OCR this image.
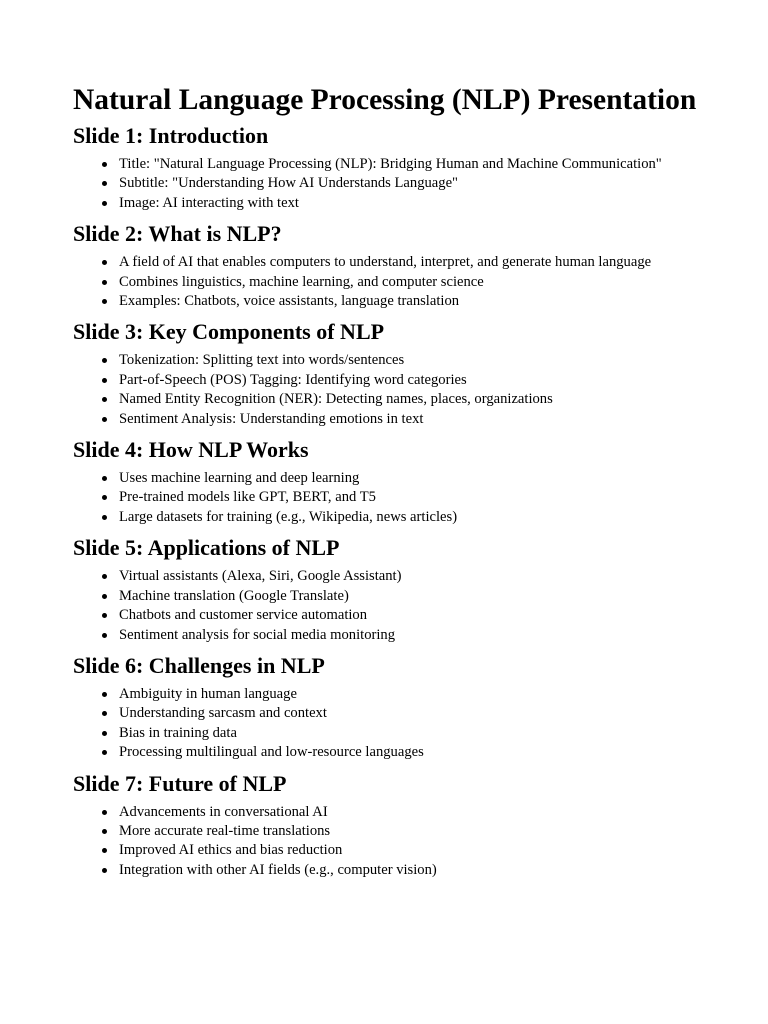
Natural Language Processing (NLP) Presentation
Slide 1: Introduction
Title: "Natural Language Processing (NLP): Bridging Human and Machine Communication"
Subtitle: "Understanding How AI Understands Language"
Image: AI interacting with text
Slide 2: What is NLP?
A field of AI that enables computers to understand, interpret, and generate human language
Combines linguistics, machine learning, and computer science
Examples: Chatbots, voice assistants, language translation
Slide 3: Key Components of NLP
Tokenization: Splitting text into words/sentences
Part-of-Speech (POS) Tagging: Identifying word categories
Named Entity Recognition (NER): Detecting names, places, organizations
Sentiment Analysis: Understanding emotions in text
Slide 4: How NLP Works
Uses machine learning and deep learning
Pre-trained models like GPT, BERT, and T5
Large datasets for training (e.g., Wikipedia, news articles)
Slide 5: Applications of NLP
Virtual assistants (Alexa, Siri, Google Assistant)
Machine translation (Google Translate)
Chatbots and customer service automation
Sentiment analysis for social media monitoring
Slide 6: Challenges in NLP
Ambiguity in human language
Understanding sarcasm and context
Bias in training data
Processing multilingual and low-resource languages
Slide 7: Future of NLP
Advancements in conversational AI
More accurate real-time translations
Improved AI ethics and bias reduction
Integration with other AI fields (e.g., computer vision)
